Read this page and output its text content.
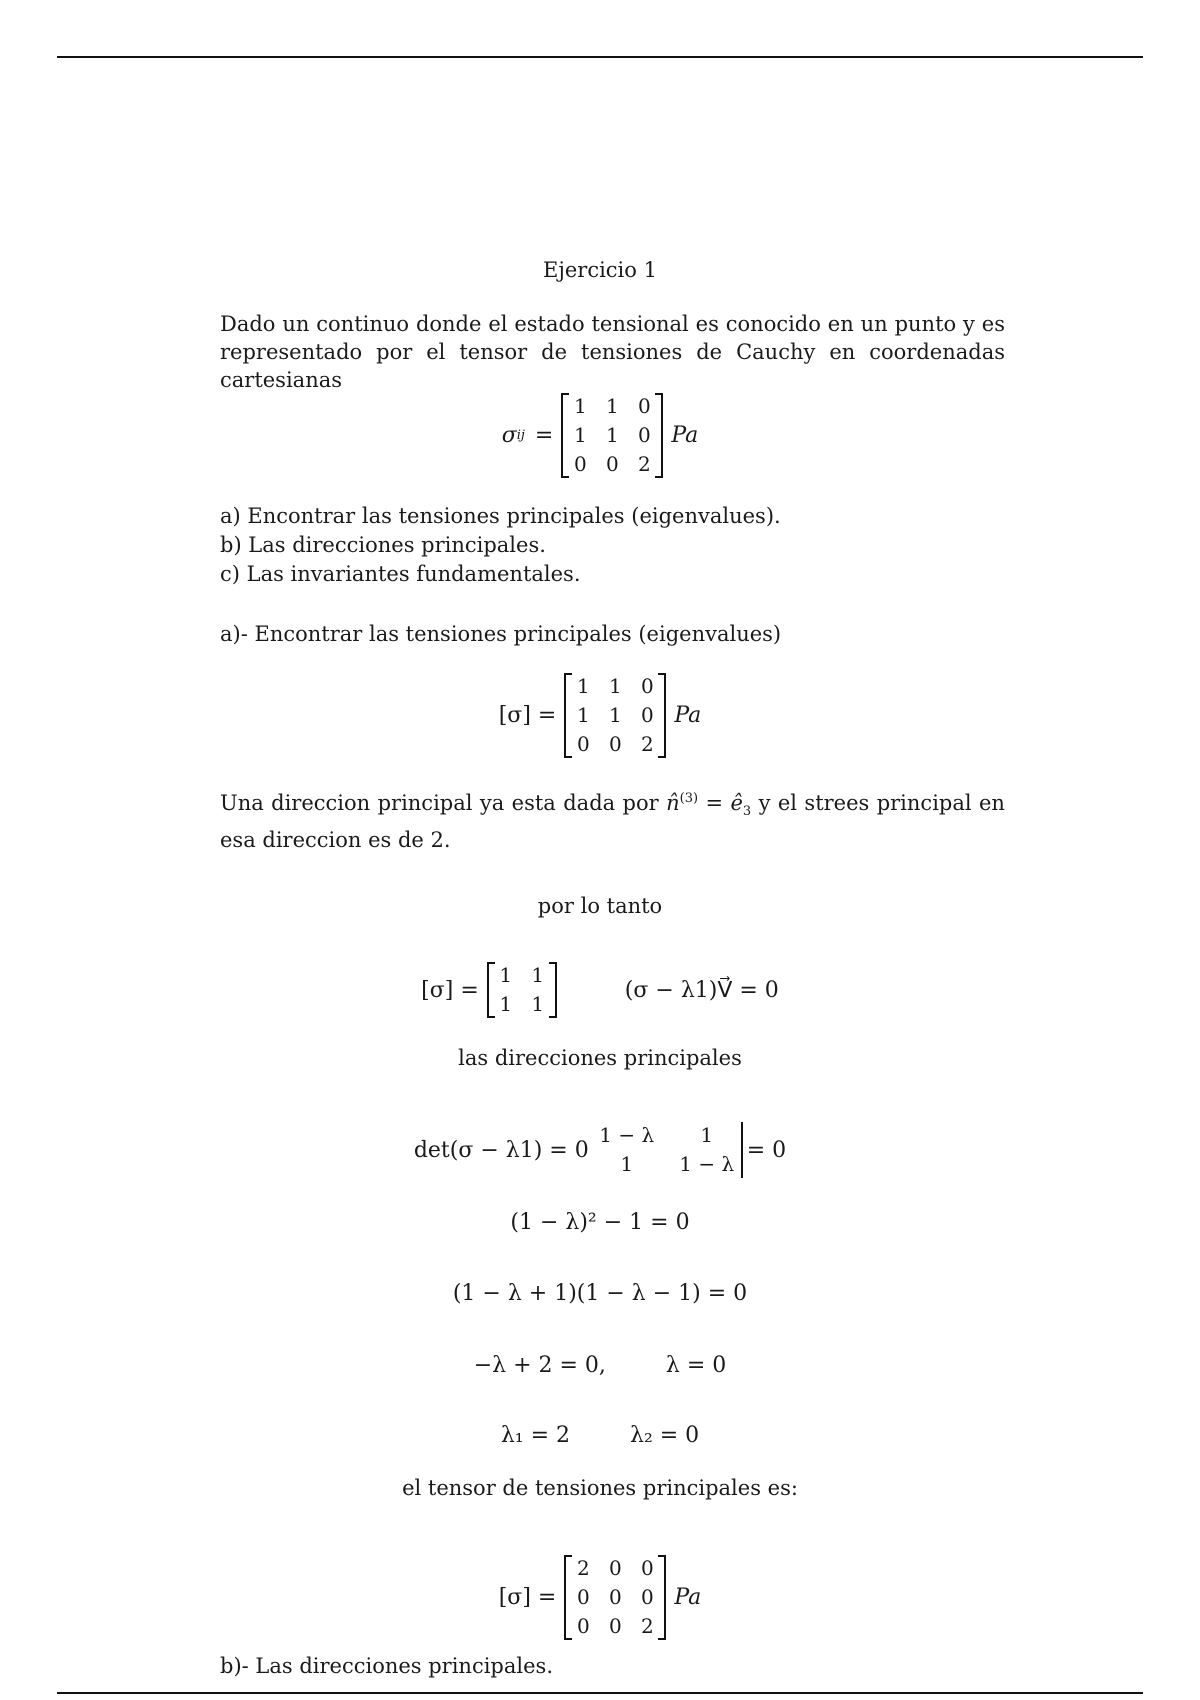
Ejercicio 1
Dado un continuo donde el estado tensional es conocido en un punto y es
representado por el tensor de tensiones de Cauchy en coordenadas cartesianas
σ ij =
1 1 0
1 1 0
0 0 2
Pa
a) Encontrar las tensiones principales (eigenvalues).
b) Las direcciones principales.
c) Las invariantes fundamentales.
a)- Encontrar las tensiones principales (eigenvalues)
[σ] =
1 1 0
1 1 0
0 0 2
Pa
Una direccion principal ya esta dada por n̂$^{(3)}$ = $ê_3$ y el strees principal en
esa direccion es de 2.
por lo tanto
[σ] =
1 1
1 1
(σ − λ1)V⃗ = 0
las direcciones principales
det(σ − λ1) = 0
1 − λ	1
1	1 − λ
= 0
(1 − λ)² − 1 = 0
(1 − λ + 1)(1 − λ − 1) = 0
−λ + 2 = 0,	λ = 0
λ₁ = 2	λ₂ = 0
el tensor de tensiones principales es:
[σ] =
2 0 0
0 0 0
0 0 2
Pa
b)- Las direcciones principales.
